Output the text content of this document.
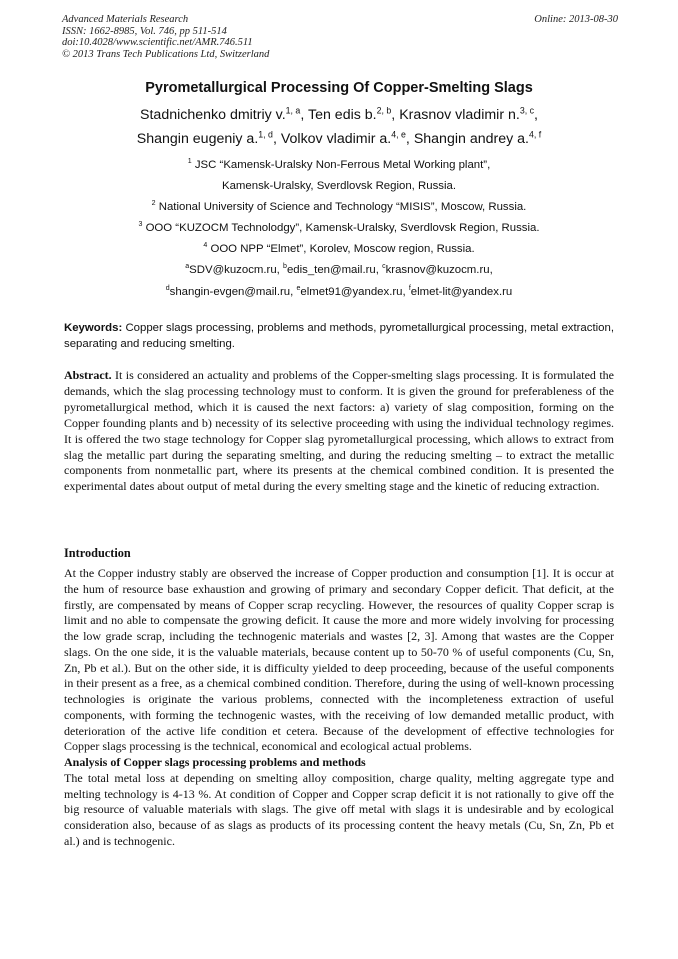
Advanced Materials Research
ISSN: 1662-8985, Vol. 746, pp 511-514
doi:10.4028/www.scientific.net/AMR.746.511
© 2013 Trans Tech Publications Ltd, Switzerland
Online: 2013-08-30
Pyrometallurgical Processing Of Copper-Smelting Slags
Stadnichenko dmitriy v.$^{1, a}$, Ten edis b.$^{2, b}$, Krasnov vladimir n.$^{3, c}$,
Shangin eugeniy a.$^{1, d}$, Volkov vladimir a.$^{4, e}$, Shangin andrey a.$^{4, f}$
$^1$ JSC “Kamensk-Uralsky Non-Ferrous Metal Working plant”,
Kamensk-Uralsky, Sverdlovsk Region, Russia.
$^2$ National University of Science and Technology “MISIS”, Moscow, Russia.
$^3$ OOO “KUZOCM Technolodgy”, Kamensk-Uralsky, Sverdlovsk Region, Russia.
$^4$ OOO NPP “Elmet”, Korolev, Moscow region, Russia.
$^a$SDV@kuzocm.ru, $^b$edis_ten@mail.ru, $^c$krasnov@kuzocm.ru,
$^d$shangin-evgen@mail.ru, $^e$elmet91@yandex.ru, $^f$elmet-lit@yandex.ru
Keywords: Copper slags processing, problems and methods, pyrometallurgical processing, metal extraction, separating and reducing smelting.
Abstract. It is considered an actuality and problems of the Copper-smelting slags processing. It is formulated the demands, which the slag processing technology must to conform. It is given the ground for preferableness of the pyrometallurgical method, which it is caused the next factors: a) variety of slag composition, forming on the Copper founding plants and b) necessity of its selective proceeding with using the individual technology regimes. It is offered the two stage technology for Copper slag pyrometallurgical processing, which allows to extract from slag the metallic part during the separating smelting, and during the reducing smelting – to extract the metallic components from nonmetallic part, where its presents at the chemical combined condition. It is presented the experimental dates about output of metal during the every smelting stage and the kinetic of reducing extraction.
Introduction

At the Copper industry stably are observed the increase of Copper production and consumption [1]. It is occur at the hum of resource base exhaustion and growing of primary and secondary Copper deficit. That deficit, at the firstly, are compensated by means of Copper scrap recycling. However, the resources of quality Copper scrap is limit and no able to compensate the growing deficit. It cause the more and more widely involving for processing the low grade scrap, including the technogenic materials and wastes [2, 3]. Among that wastes are the Copper slags. On the one side, it is the valuable materials, because content up to 50-70 % of useful components (Cu, Sn, Zn, Pb et al.). But on the other side, it is difficulty yielded to deep proceeding, because of the useful components in their present as a free, as a chemical combined condition. Therefore, during the using of well-known processing technologies is originate the various problems, connected with the incompleteness extraction of useful components, with forming the technogenic wastes, with the receiving of low demanded metallic product, with deterioration of the active life condition et cetera. Because of the development of effective technologies for Copper slags processing is the technical, economical and ecological actual problems.

Analysis of Copper slags processing problems and methods

The total metal loss at depending on smelting alloy composition, charge quality, melting aggregate type and melting technology is 4-13 %. At condition of Copper and Copper scrap deficit it is not rationally to give off the big resource of valuable materials with slags. The give off metal with slags it is undesirable and by ecological consideration also, because of as slags as products of its processing content the heavy metals (Cu, Sn, Zn, Pb et al.) and is technogenic.
